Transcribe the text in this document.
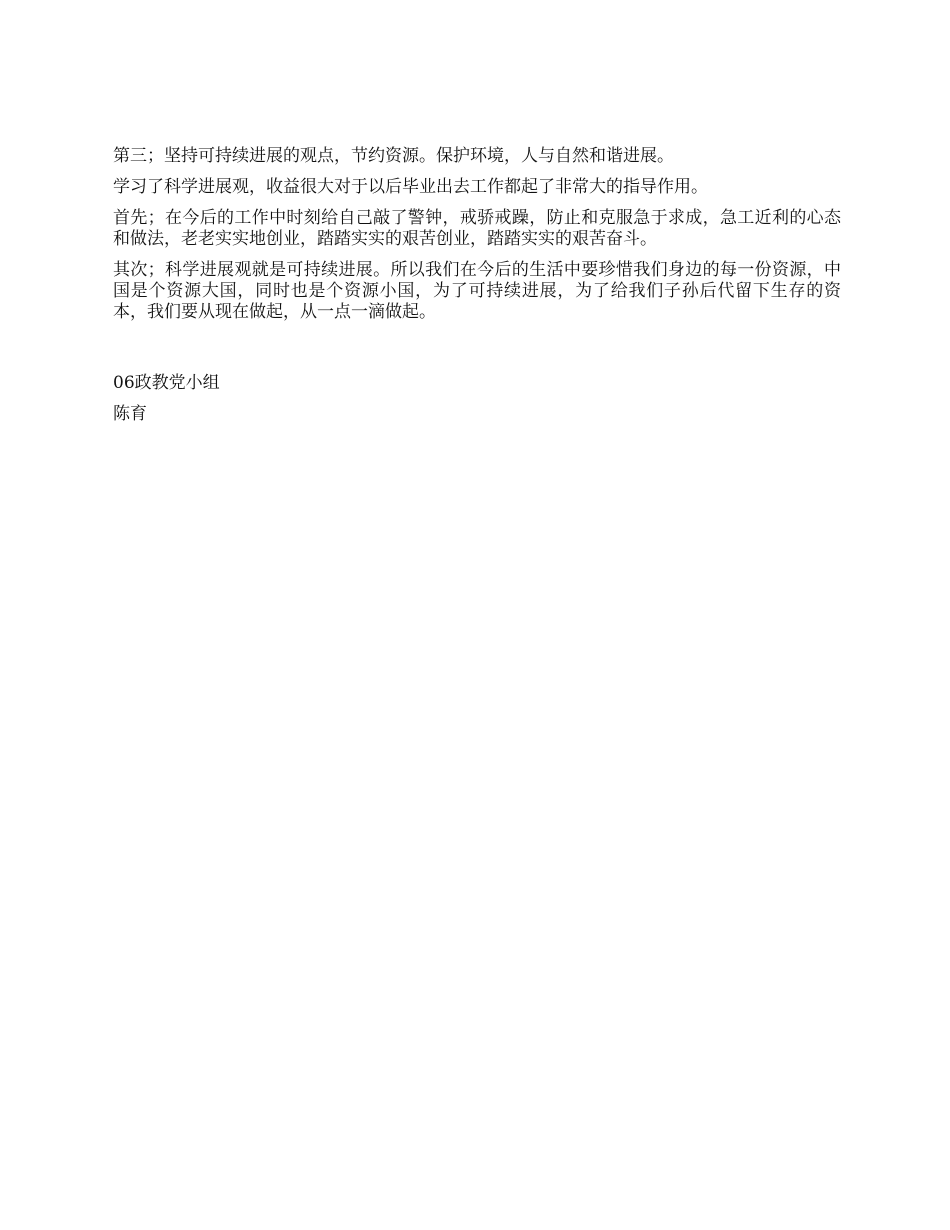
第三；坚持可持续进展的观点，节约资源。保护环境，人与自然和谐进展。

学习了科学进展观，收益很大对于以后毕业出去工作都起了非常大的指导作用。

首先；在今后的工作中时刻给自己敲了警钟，戒骄戒躁，防止和克服急于求成，急工近利的心态和做法，老老实实地创业，踏踏实实的艰苦创业，踏踏实实的艰苦奋斗。

其次；科学进展观就是可持续进展。所以我们在今后的生活中要珍惜我们身边的每一份资源，中国是个资源大国，同时也是个资源小国，为了可持续进展，为了给我们子孙后代留下生存的资本，我们要从现在做起，从一点一滴做起。

06政教党小组

陈育
